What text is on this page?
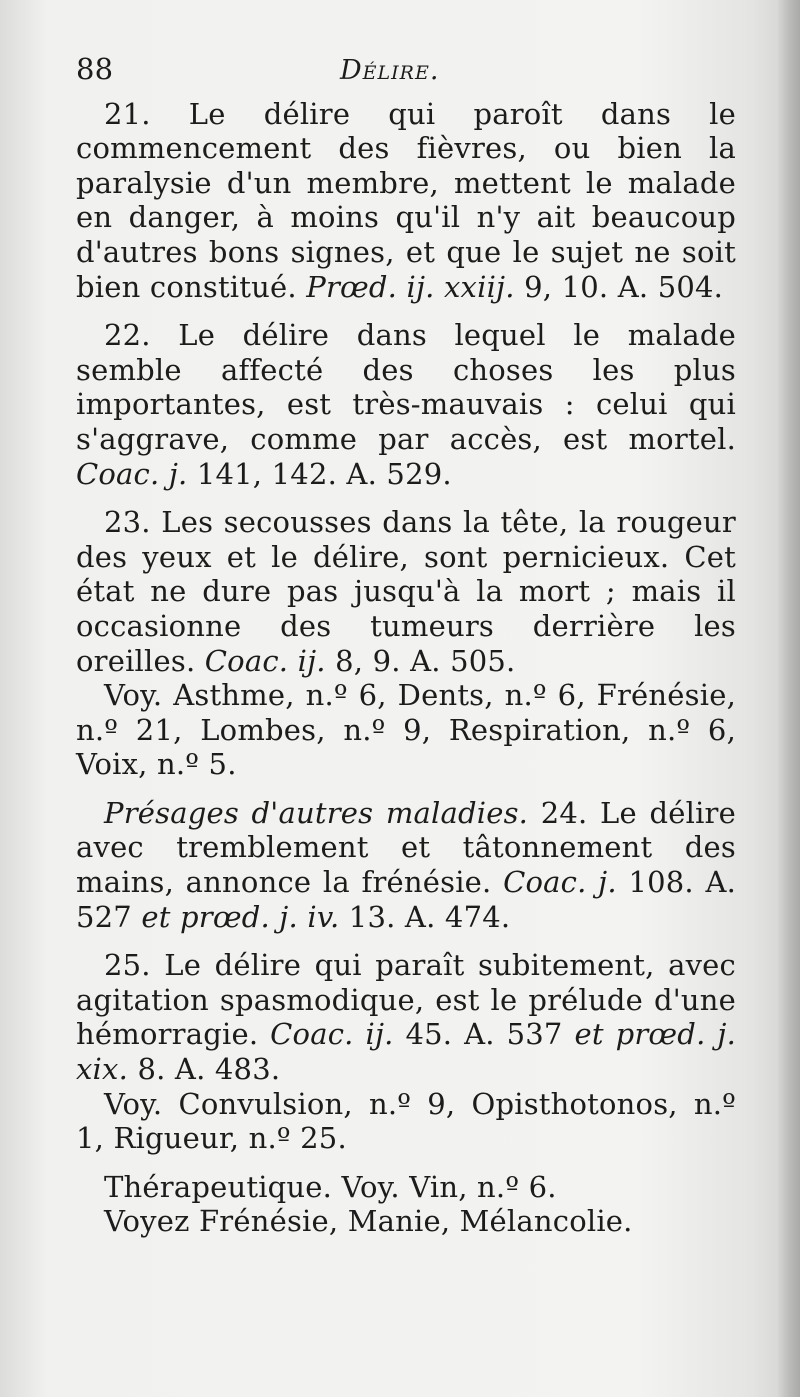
88	Délire.

21. Le délire qui paroît dans le commencement des fièvres, ou bien la paralysie d'un membre, mettent le malade en danger, à moins qu'il n'y ait beaucoup d'autres bons signes, et que le sujet ne soit bien constitué. Prœd. ij. xxiij. 9, 10. A. 504.

22. Le délire dans lequel le malade semble affecté des choses les plus importantes, est très-mauvais : celui qui s'aggrave, comme par accès, est mortel. Coac. j. 141, 142. A. 529.

23. Les secousses dans la tête, la rougeur des yeux et le délire, sont pernicieux. Cet état ne dure pas jusqu'à la mort ; mais il occasionne des tumeurs derrière les oreilles. Coac. ij. 8, 9. A. 505.

Voy. Asthme, n.º 6, Dents, n.º 6, Frénésie, n.º 21, Lombes, n.º 9, Respiration, n.º 6, Voix, n.º 5.

Présages d'autres maladies. 24. Le délire avec tremblement et tâtonnement des mains, annonce la frénésie. Coac. j. 108. A. 527 et prœd. j. iv. 13. A. 474.

25. Le délire qui paraît subitement, avec agitation spasmodique, est le prélude d'une hémorragie. Coac. ij. 45. A. 537 et prœd. j. xix. 8. A. 483.

Voy. Convulsion, n.º 9, Opisthotonos, n.º 1, Rigueur, n.º 25.

Thérapeutique. Voy. Vin, n.º 6.

Voyez Frénésie, Manie, Mélancolie.
